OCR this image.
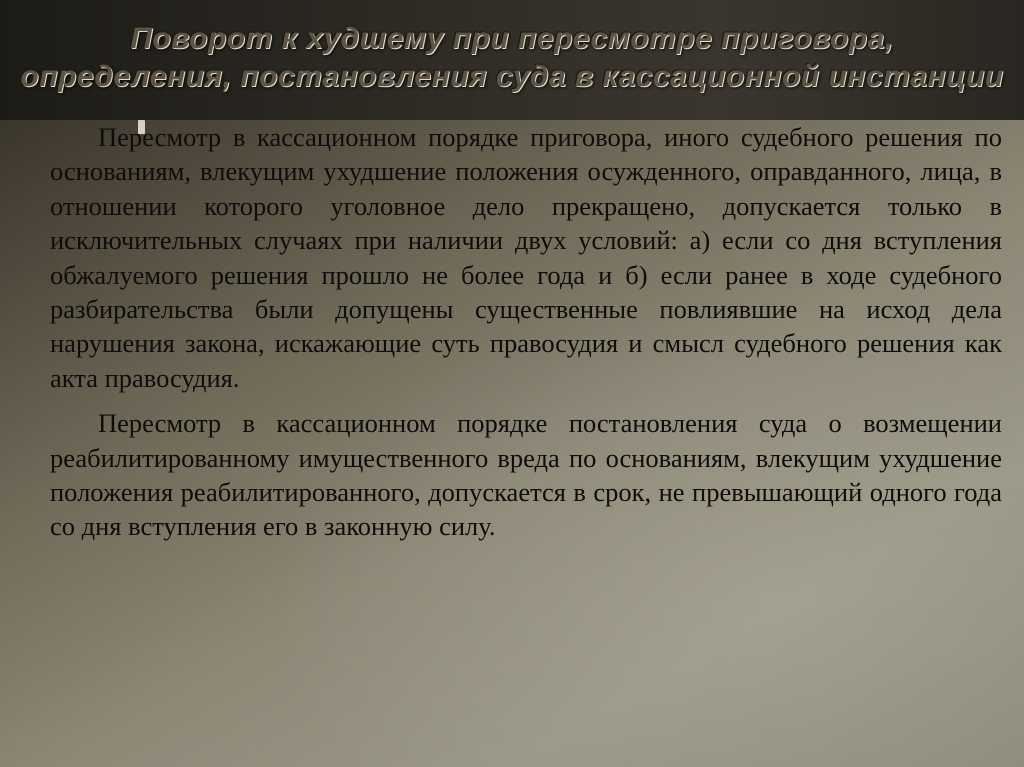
Поворот к худшему при пересмотре приговора,
определения, постановления суда в кассационной инстанции

Пересмотр в кассационном порядке приговора, иного судебного решения по основаниям, влекущим ухудшение положения осужденного, оправданного, лица, в отношении которого уголовное дело прекращено, допускается только в исключительных случаях при наличии двух условий: а) если со дня вступления обжалуемого решения прошло не более года и б) если ранее в ходе судебного разбирательства были допущены существенные повлиявшие на исход дела нарушения закона, искажающие суть правосудия и смысл судебного решения как акта правосудия.

Пересмотр в кассационном порядке постановления суда о возмещении реабилитированному имущественного вреда по основаниям, влекущим ухудшение положения реабилитированного, допускается в срок, не превышающий одного года со дня вступления его в законную силу.
